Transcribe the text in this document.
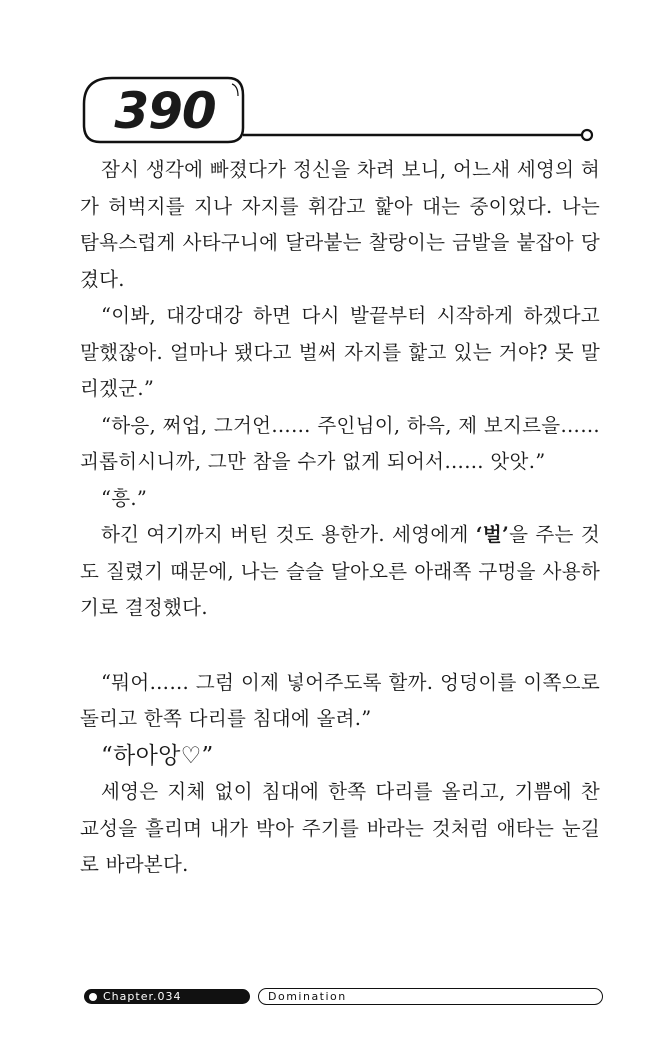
390

잠시 생각에 빠졌다가 정신을 차려 보니, 어느새 세영의 혀가 허벅지를 지나 자지를 휘감고 핥아 대는 중이었다. 나는 탐욕스럽게 사타구니에 달라붙는 찰랑이는 금발을 붙잡아 당겼다.

“이봐, 대강대강 하면 다시 발끝부터 시작하게 하겠다고 말했잖아. 얼마나 됐다고 벌써 자지를 핥고 있는 거야? 못 말리겠군.”

“하응, 쩌업, 그거언…… 주인님이, 하윽, 제 보지르을…… 괴롭히시니까, 그만 참을 수가 없게 되어서…… 앗앗.”

“흥.”

하긴 여기까지 버틴 것도 용한가. 세영에게 ‘벌’을 주는 것도 질렸기 때문에, 나는 슬슬 달아오른 아래쪽 구멍을 사용하기로 결정했다.

“뭐어…… 그럼 이제 넣어주도록 할까. 엉덩이를 이쪽으로 돌리고 한쪽 다리를 침대에 올려.”

“하아앙♡”

세영은 지체 없이 침대에 한쪽 다리를 올리고, 기쁨에 찬 교성을 흘리며 내가 박아 주기를 바라는 것처럼 애타는 눈길로 바라본다.

Chapter.034	Domination
